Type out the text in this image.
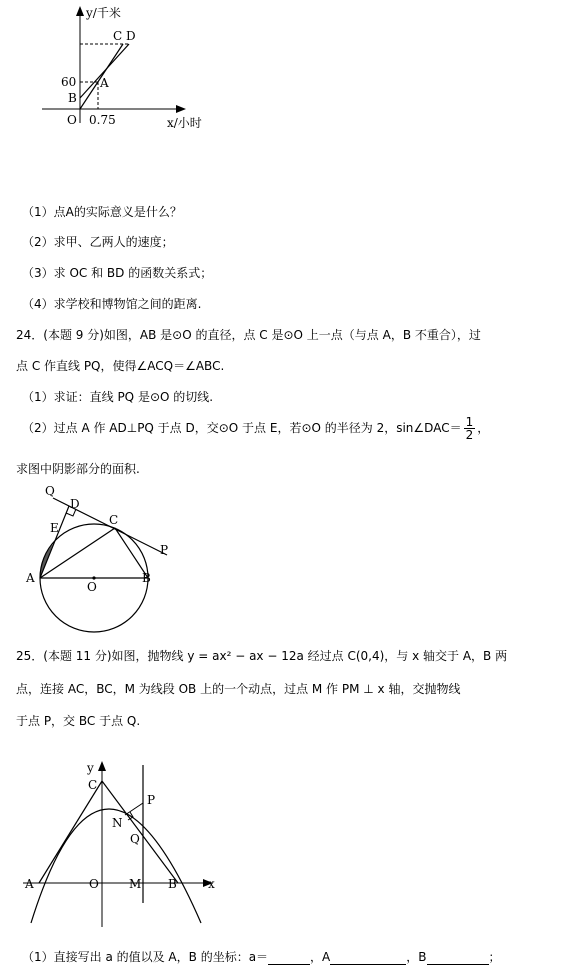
y/千米
C D
A
60
B
O 0.75	x/小时
（1）点A的实际意义是什么？
（2）求甲、乙两人的速度；
（3）求 OC 和 BD 的函数关系式；
（4）求学校和博物馆之间的距离.
24．(本题 9 分)如图，AB 是⊙O 的直径，点 C 是⊙O 上一点（与点 A，B 不重合），过
点 C 作直线 PQ，使得∠ACQ＝∠ABC.
（1）求证：直线 PQ 是⊙O 的切线.
（2）过点 A 作 AD⊥PQ 于点 D，交⊙O 于点 E，若⊙O 的半径为 2，sin∠DAC＝ $\frac{1}{2}$ ，
求图中阴影部分的面积.
Q
D
E
C
P
A
O
B
25．(本题 11 分)如图，抛物线 y = ax² − ax − 12a 经过点 C(0,4)，与 x 轴交于 A，B 两
点，连接 AC，BC，M 为线段 OB 上的一个动点，过点 M 作 PM ⊥ x 轴，交抛物线
于点 P，交 BC 于点 Q.
y
C
P
N
Q
A	O	M B	x
（1）直接写出 a 的值以及 A，B 的坐标：a＝	，A	，B	；
